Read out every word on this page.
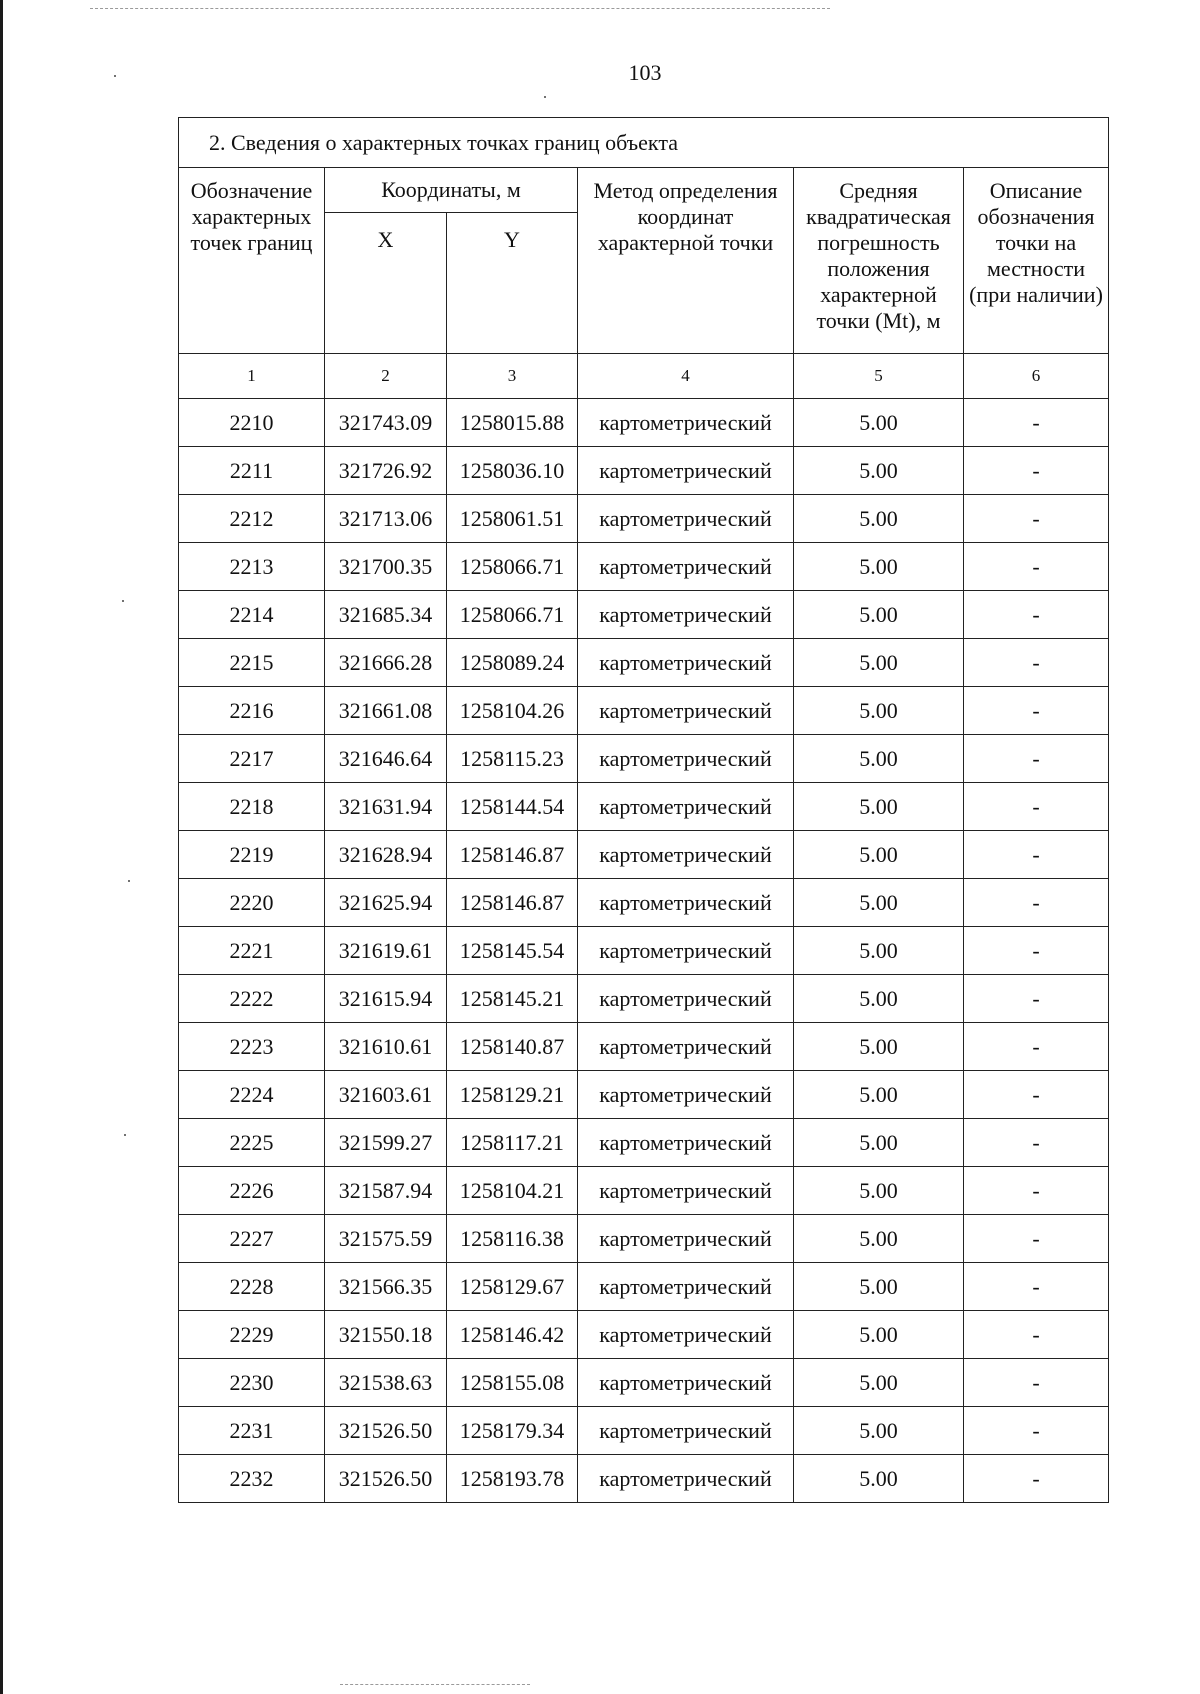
103
2. Сведения о характерных точках границ объекта					
Обозначение характерных точек границ	Координаты, м		Метод определения координат характерной точки	Средняя квадратическая погрешность положения характерной точки (Mt), м	Описание обозначения точки на местности (при наличии)
	X	Y			
1	2	3	4	5	6
2210	321743.09	1258015.88	картометрический	5.00	-
2211	321726.92	1258036.10	картометрический	5.00	-
2212	321713.06	1258061.51	картометрический	5.00	-
2213	321700.35	1258066.71	картометрический	5.00	-
2214	321685.34	1258066.71	картометрический	5.00	-
2215	321666.28	1258089.24	картометрический	5.00	-
2216	321661.08	1258104.26	картометрический	5.00	-
2217	321646.64	1258115.23	картометрический	5.00	-
2218	321631.94	1258144.54	картометрический	5.00	-
2219	321628.94	1258146.87	картометрический	5.00	-
2220	321625.94	1258146.87	картометрический	5.00	-
2221	321619.61	1258145.54	картометрический	5.00	-
2222	321615.94	1258145.21	картометрический	5.00	-
2223	321610.61	1258140.87	картометрический	5.00	-
2224	321603.61	1258129.21	картометрический	5.00	-
2225	321599.27	1258117.21	картометрический	5.00	-
2226	321587.94	1258104.21	картометрический	5.00	-
2227	321575.59	1258116.38	картометрический	5.00	-
2228	321566.35	1258129.67	картометрический	5.00	-
2229	321550.18	1258146.42	картометрический	5.00	-
2230	321538.63	1258155.08	картометрический	5.00	-
2231	321526.50	1258179.34	картометрический	5.00	-
2232	321526.50	1258193.78	картометрический	5.00	-
